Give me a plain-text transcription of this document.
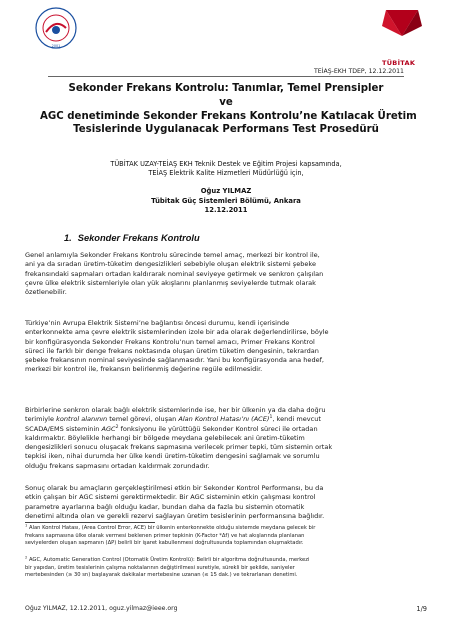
2001
TÜBİTAK
TEİAŞ-EKH TDEP, 12.12.2011
Sekonder Frekans Kontrolu: Tanımlar, Temel Prensipler
ve
AGC denetiminde Sekonder Frekans Kontrolu’ne Katılacak Üretim
Tesislerinde Uygulanacak Performans Test Prosedürü
TÜBİTAK UZAY-TEİAŞ EKH Teknik Destek ve Eğitim Projesi kapsamında,
TEİAŞ Elektrik Kalite Hizmetleri Müdürlüğü için,
Oğuz YILMAZ
Tübitak Güç Sistemleri Bölümü, Ankara
12.12.2011
1. Sekonder Frekans Kontrolu
Genel anlamıyla Sekonder Frekans Kontrolu sürecinde temel amaç, merkezi bir kontrol ile,
ani ya da sıradan üretim-tüketim dengesizlikleri sebebiyle oluşan elektrik sistemi şebeke
frekansındaki sapmaları ortadan kaldırarak nominal seviyeye getirmek ve senkron çalışılan
çevre ülke elektrik sistemleriyle olan yük akışlarını planlanmış seviyelerde tutmak olarak
özetlenebilir.
Türkiye’nin Avrupa Elektrik Sistemi’ne bağlantısı öncesi durumu, kendi içerisinde
enterkonnekte ama çevre elektrik sistemlerinden izole bir ada olarak değerlendirilirse, böyle
bir konfigürasyonda Sekonder Frekans Kontrolu’nun temel amacı, Primer Frekans Kontrol
süreci ile farklı bir denge frekans noktasında oluşan üretim tüketim dengesinin, tekrardan
şebeke frekansının nominal seviyesinde sağlanmasıdır. Yani bu konfigürasyonda ana hedef,
merkezi bir kontrol ile, frekansın belirlenmiş değerine regüle edilmesidir.
Birbirlerine senkron olarak bağlı elektrik sistemlerinde ise, her bir ülkenin ya da daha doğru
terimiyle kontrol alanının temel görevi, oluşan Alan Kontrol Hatası’nı (ACE)$^1$, kendi mevcut
SCADA/EMS sisteminin AGC$^2$ fonksiyonu ile yürüttüğü Sekonder Kontrol süreci ile ortadan
kaldırmaktır. Böylelikle herhangi bir bölgede meydana gelebilecek ani üretim-tüketim
dengesizlikleri sonucu oluşacak frekans sapmasına verilecek primer tepki, tüm sistemin ortak
tepkisi iken, nihai durumda her ülke kendi üretim-tüketim dengesini sağlamak ve sorumlu
olduğu frekans sapmasını ortadan kaldırmak zorundadır.
Sonuç olarak bu amaçların gerçekleştirilmesi etkin bir Sekonder Kontrol Performansı, bu da
etkin çalışan bir AGC sistemi gerektirmektedir. Bir AGC sisteminin etkin çalışması kontrol
parametre ayarlarına bağlı olduğu kadar, bundan daha da fazla bu sistemin otomatik
denetimi altında olan ve gerekli rezervi sağlayan üretim tesislerinin performansına bağlıdır.
$^1$ Alan Kontrol Hatası, (Area Control Error, ACE) bir ülkenin enterkonnekte olduğu sistemde meydana gelecek bir
frekans sapmasına ülke olarak vermesi beklenen primer tepkinin (K-Factor *Δf) ve hat akışlarında planlanan
seviyelerden oluşan sapmanın (ΔP) belirli bir işaret kabullenmesi doğrultusunda toplamından oluşmaktadır.
$^2$ AGC, Automatic Generation Control (Otomatik Üretim Kontrolü): Belirli bir algoritma doğrultusunda, merkezi
bir yapıdan, üretim tesislerinin çalışma noktalarının değiştirilmesi suretiyle, sürekli bir şekilde, saniyeler
mertebesinden (≥ 30 sn) başlayarak dakikalar mertebesine uzanan (≤ 15 dak.) ve tekrarlanan denetimi.
Oğuz YILMAZ, 12.12.2011, oguz.yilmaz@ieee.org	1/9
